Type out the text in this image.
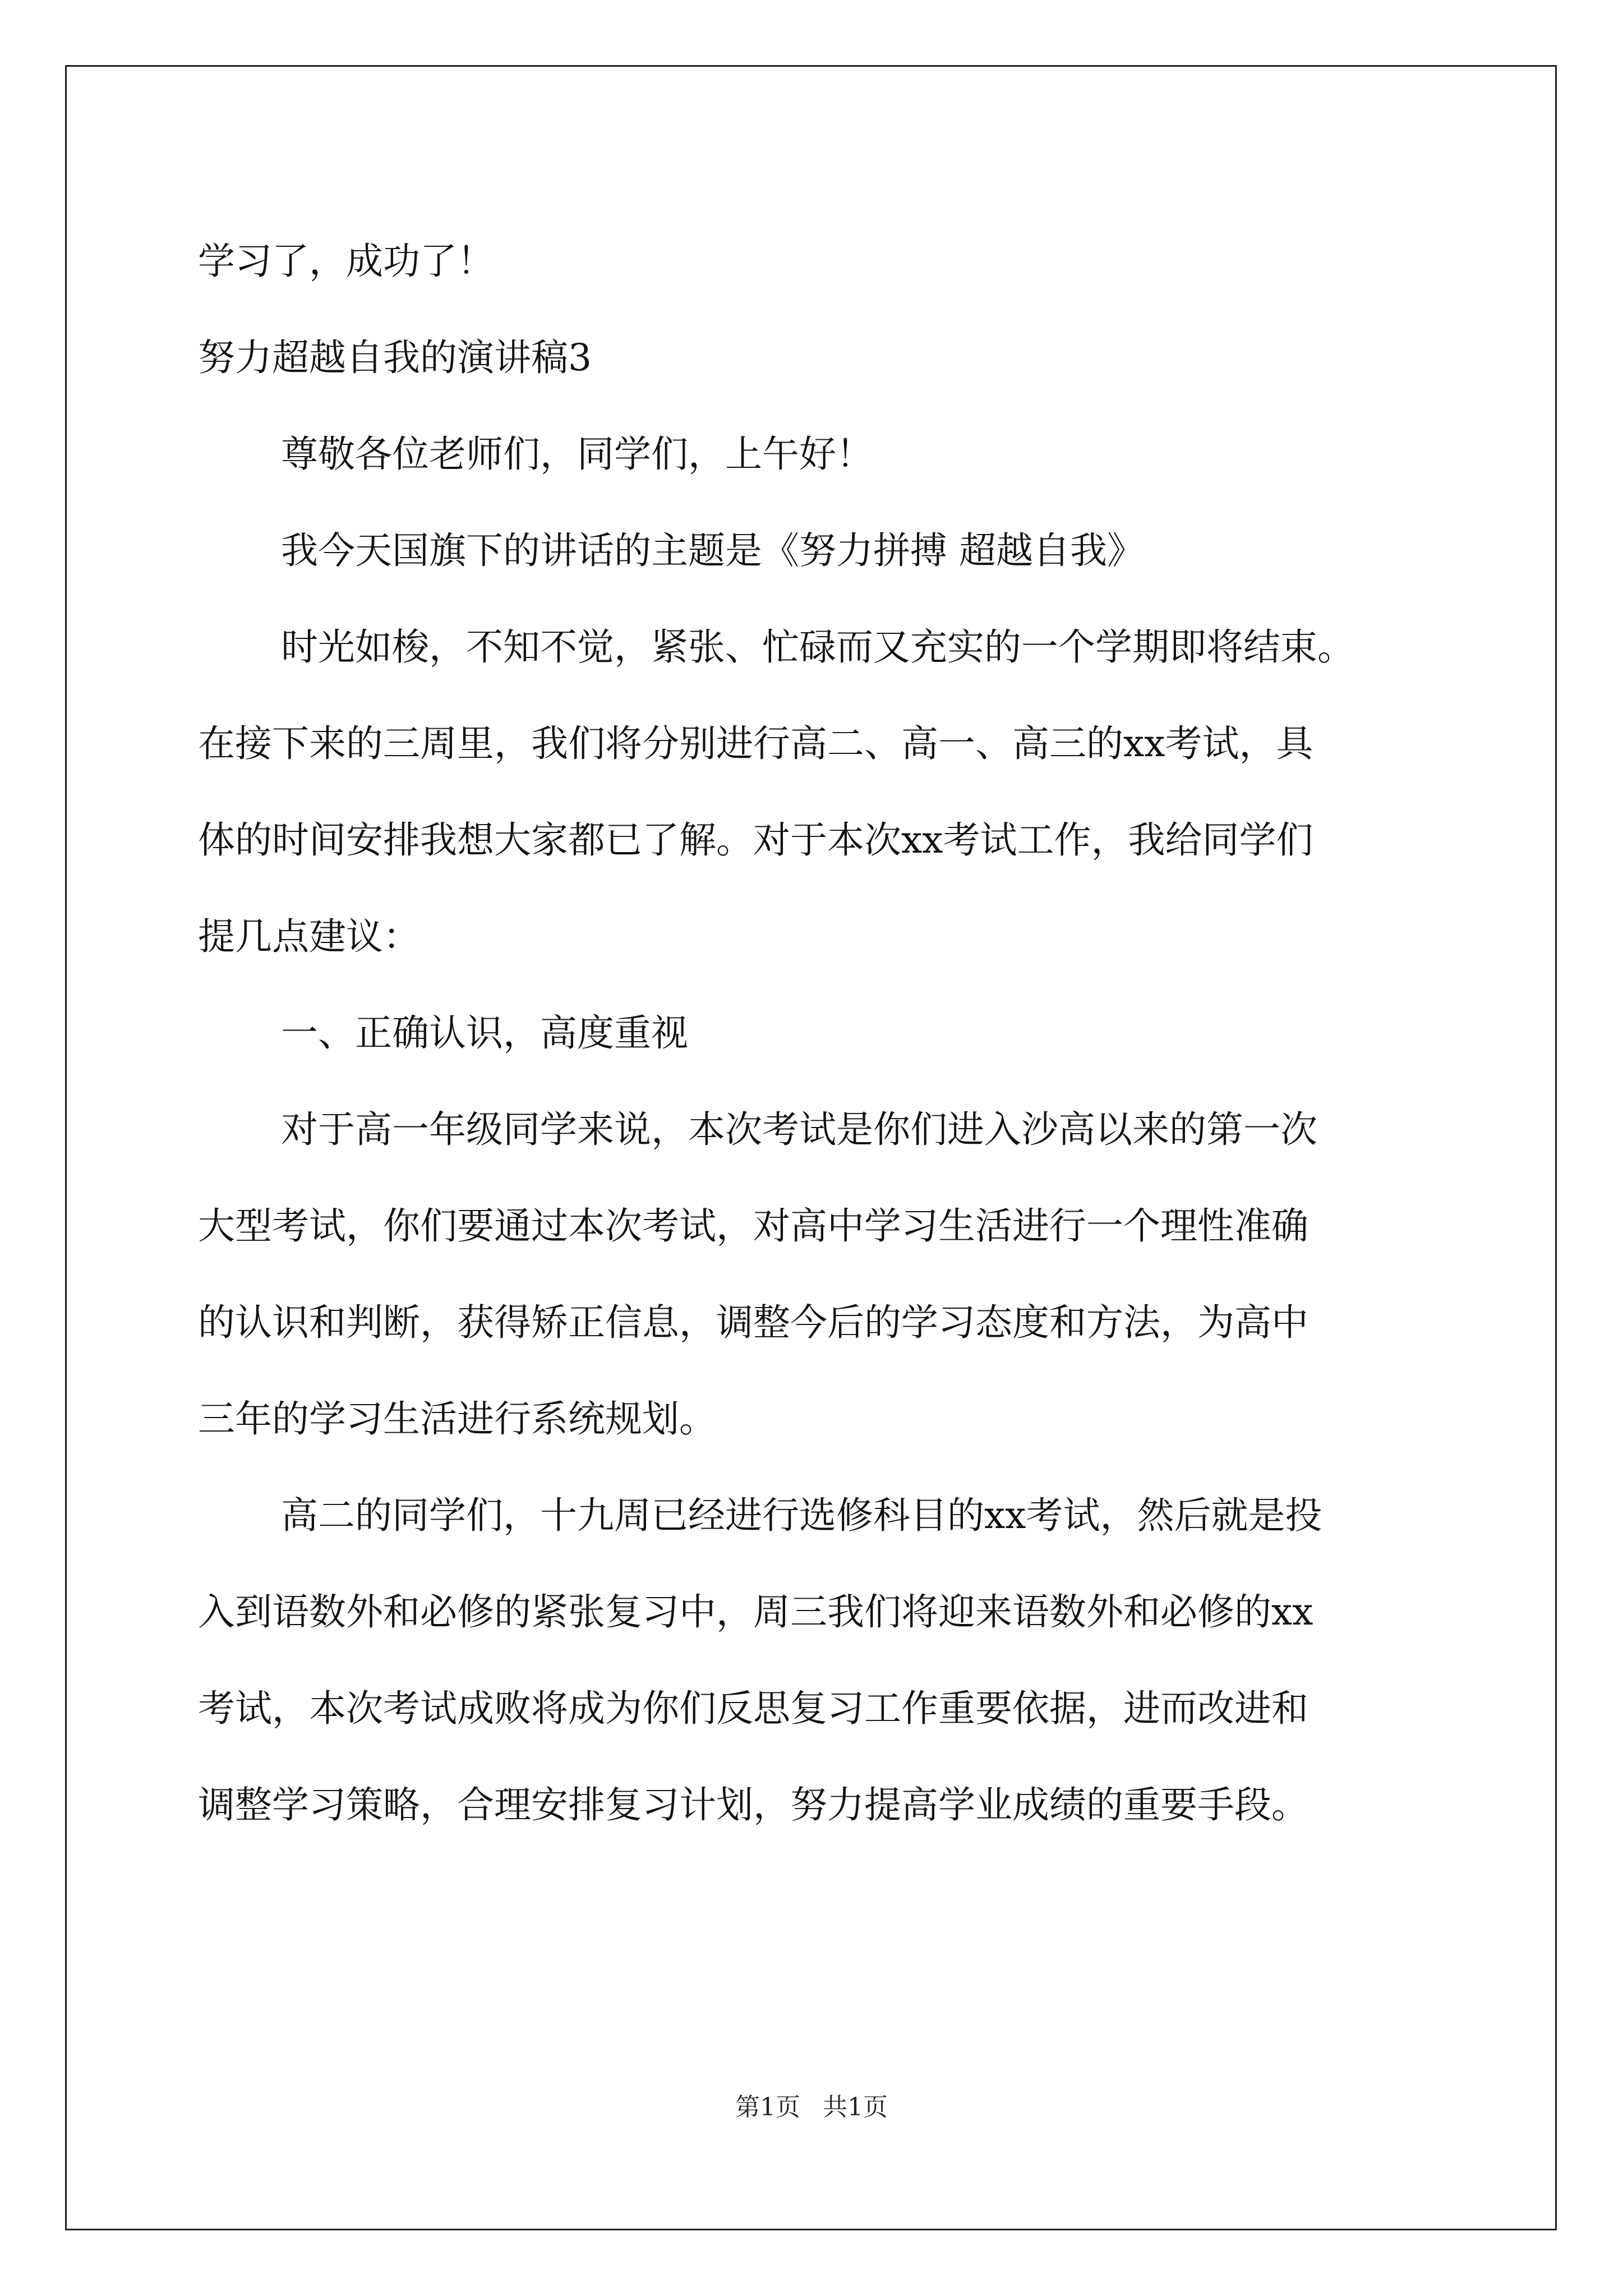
学习了，成功了！
努力超越自我的演讲稿3
尊敬各位老师们，同学们，上午好！
我今天国旗下的讲话的主题是《努力拼搏 超越自我》
时光如梭，不知不觉，紧张、忙碌而又充实的一个学期即将结束。
在接下来的三周里，我们将分别进行高二、高一、高三的xx考试，具
体的时间安排我想大家都已了解。对于本次xx考试工作，我给同学们
提几点建议：
一、正确认识，高度重视
对于高一年级同学来说，本次考试是你们进入沙高以来的第一次
大型考试，你们要通过本次考试，对高中学习生活进行一个理性准确
的认识和判断，获得矫正信息，调整今后的学习态度和方法，为高中
三年的学习生活进行系统规划。
高二的同学们，十九周已经进行选修科目的xx考试，然后就是投
入到语数外和必修的紧张复习中，周三我们将迎来语数外和必修的xx
考试，本次考试成败将成为你们反思复习工作重要依据，进而改进和
调整学习策略，合理安排复习计划，努力提高学业成绩的重要手段。
第1页 共1页
